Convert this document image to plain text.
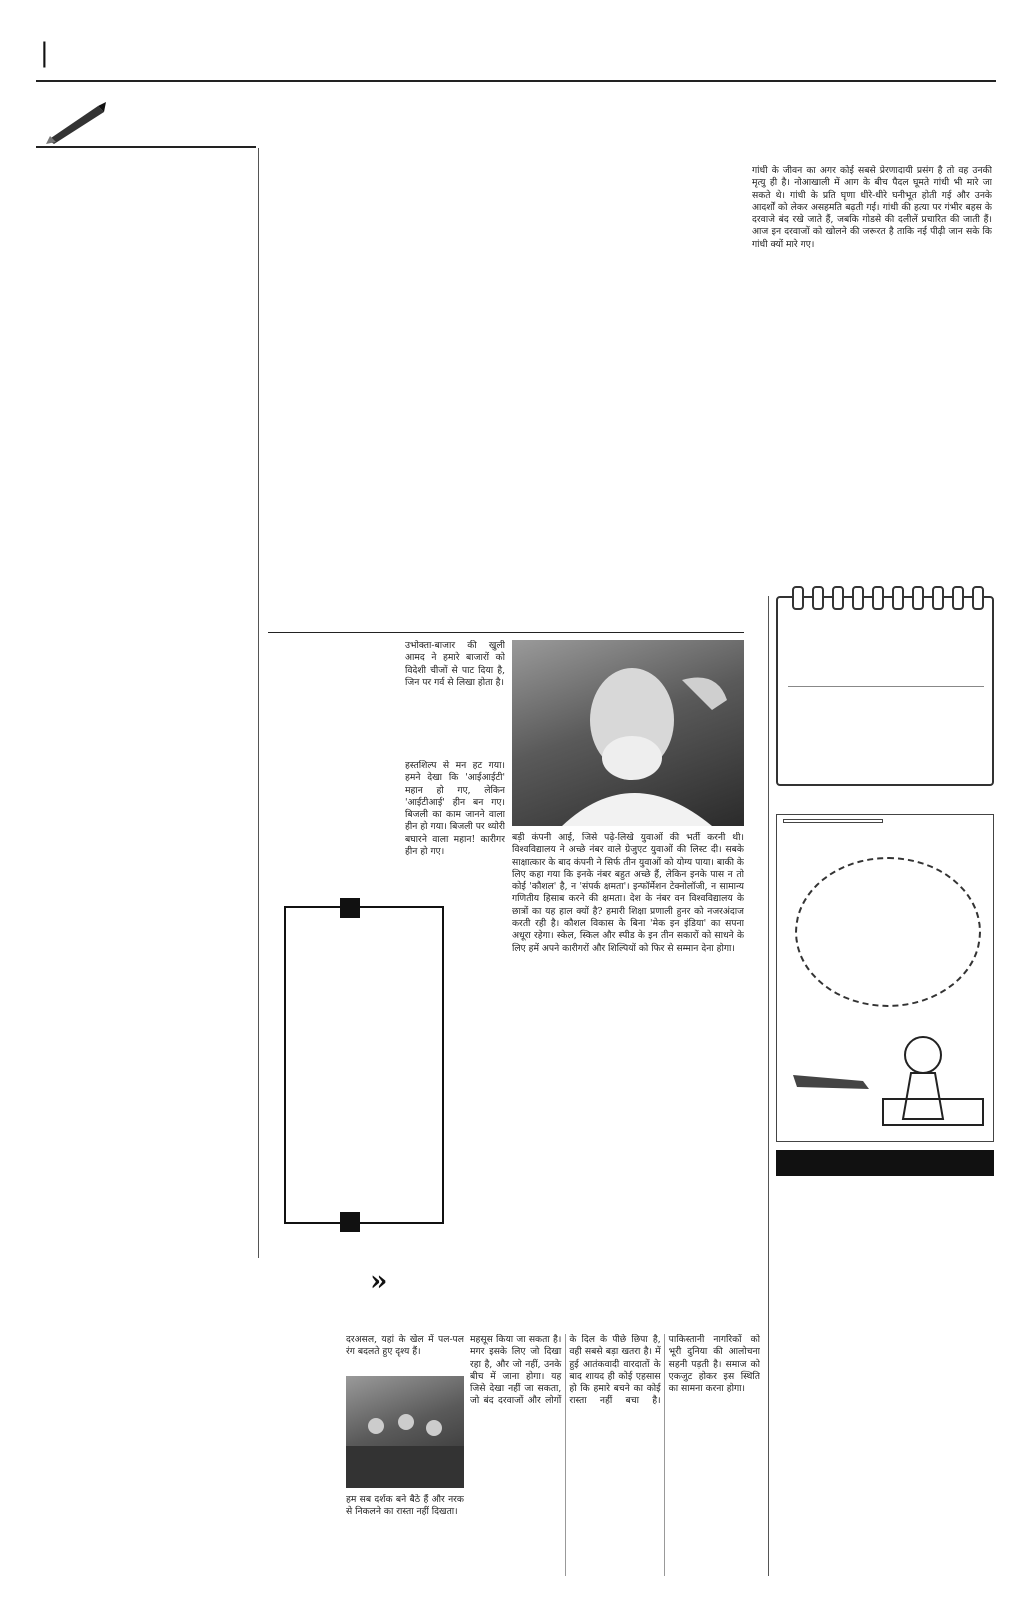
|
गांधी के जीवन का अगर कोई सबसे प्रेरणादायी प्रसंग है तो वह उनकी मृत्यु ही है। नोआखाली में आग के बीच पैदल घूमते गांधी भी मारे जा सकते थे। गांधी के प्रति घृणा धीरे-धीरे घनीभूत होती गई और उनके आदर्शों को लेकर असहमति बढ़ती गई। गांधी की हत्या पर गंभीर बहस के दरवाजे बंद रखे जाते हैं, जबकि गोडसे की दलीलें प्रचारित की जाती हैं। आज इन दरवाजों को खोलने की जरूरत है ताकि नई पीढ़ी जान सके कि गांधी क्यों मारे गए।
उभोक्ता-बाजार की खुली आमद ने हमारे बाजारों को विदेशी चीजों से पाट दिया है, जिन पर गर्व से लिखा होता है।
हस्तशिल्प से मन हट गया। हमने देखा कि 'आईआईटी' महान हो गए, लेकिन 'आईटीआई' हीन बन गए। बिजली का काम जानने वाला हीन हो गया। बिजली पर थ्योरी बघारने वाला महान! कारीगर हीन हो गए।
बड़ी कंपनी आई, जिसे पढ़े-लिखे युवाओं की भर्ती करनी थी। विश्वविद्यालय ने अच्छे नंबर वाले ग्रेजुएट युवाओं की लिस्ट दी। सबके साक्षात्कार के बाद कंपनी ने सिर्फ तीन युवाओं को योग्य पाया। बाकी के लिए कहा गया कि इनके नंबर बहुत अच्छे हैं, लेकिन इनके पास न तो कोई 'कौशल' है, न 'संपर्क क्षमता'। इन्फॉर्मेशन टेक्नोलॉजी, न सामान्य गणितीय हिसाब करने की क्षमता। देश के नंबर वन विश्वविद्यालय के छात्रों का यह हाल क्यों है? हमारी शिक्षा प्रणाली हुनर को नजरअंदाज करती रही है। कौशल विकास के बिना 'मेक इन इंडिया' का सपना अधूरा रहेगा। स्केल, स्किल और स्पीड के इन तीन सकारों को साधने के लिए हमें अपने कारीगरों और शिल्पियों को फिर से सम्मान देना होगा।
»
दरअसल, यहां के खेल में पल-पल रंग बदलते हुए दृश्य हैं।
हम सब दर्शक बने बैठे हैं और नरक से निकलने का रास्ता नहीं दिखता।
महसूस किया जा सकता है। मगर इसके लिए जो दिखा रहा है, और जो नहीं, उनके बीच में जाना होगा। यह जिसे देखा नहीं जा सकता, जो बंद दरवाजों और लोगों के दिल के पीछे छिपा है, वही सबसे बड़ा खतरा है। में हुई आतंकवादी वारदातों के बाद शायद ही कोई एहसास हो कि हमारे बचने का कोई रास्ता नहीं बचा है। पाकिस्तानी नागरिकों को भूरी दुनिया की आलोचना सहनी पड़ती है। समाज को एकजुट होकर इस स्थिति का सामना करना होगा।
